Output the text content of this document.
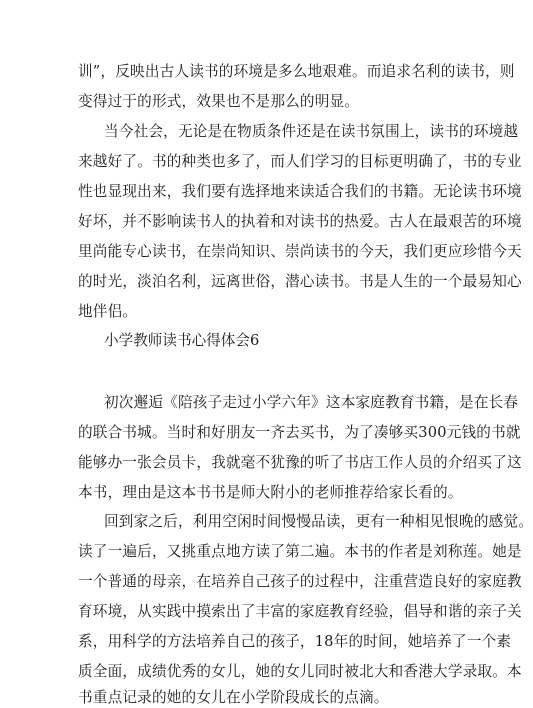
训”，反映出古人读书的环境是多么地艰难。而追求名利的读书，则
变得过于的形式，效果也不是那么的明显。
当今社会，无论是在物质条件还是在读书氛围上，读书的环境越
来越好了。书的种类也多了，而人们学习的目标更明确了，书的专业
性也显现出来，我们要有选择地来读适合我们的书籍。无论读书环境
好坏，并不影响读书人的执着和对读书的热爱。古人在最艰苦的环境
里尚能专心读书，在崇尚知识、崇尚读书的今天，我们更应珍惜今天
的时光，淡泊名利，远离世俗，潜心读书。书是人生的一个最易知心
地伴侣。
小学教师读书心得体会6
初次邂逅《陪孩子走过小学六年》这本家庭教育书籍，是在长春
的联合书城。当时和好朋友一齐去买书，为了凑够买300元钱的书就
能够办一张会员卡，我就毫不犹豫的听了书店工作人员的介绍买了这
本书，理由是这本书书是师大附小的老师推荐给家长看的。
回到家之后，利用空闲时间慢慢品读，更有一种相见恨晚的感觉。
读了一遍后，又挑重点地方读了第二遍。本书的作者是刘称莲。她是
一个普通的母亲，在培养自己孩子的过程中，注重营造良好的家庭教
育环境，从实践中摸索出了丰富的家庭教育经验，倡导和谐的亲子关
系，用科学的方法培养自己的孩子，18年的时间，她培养了一个素
质全面，成绩优秀的女儿，她的女儿同时被北大和香港大学录取。本
书重点记录的她的女儿在小学阶段成长的点滴。
